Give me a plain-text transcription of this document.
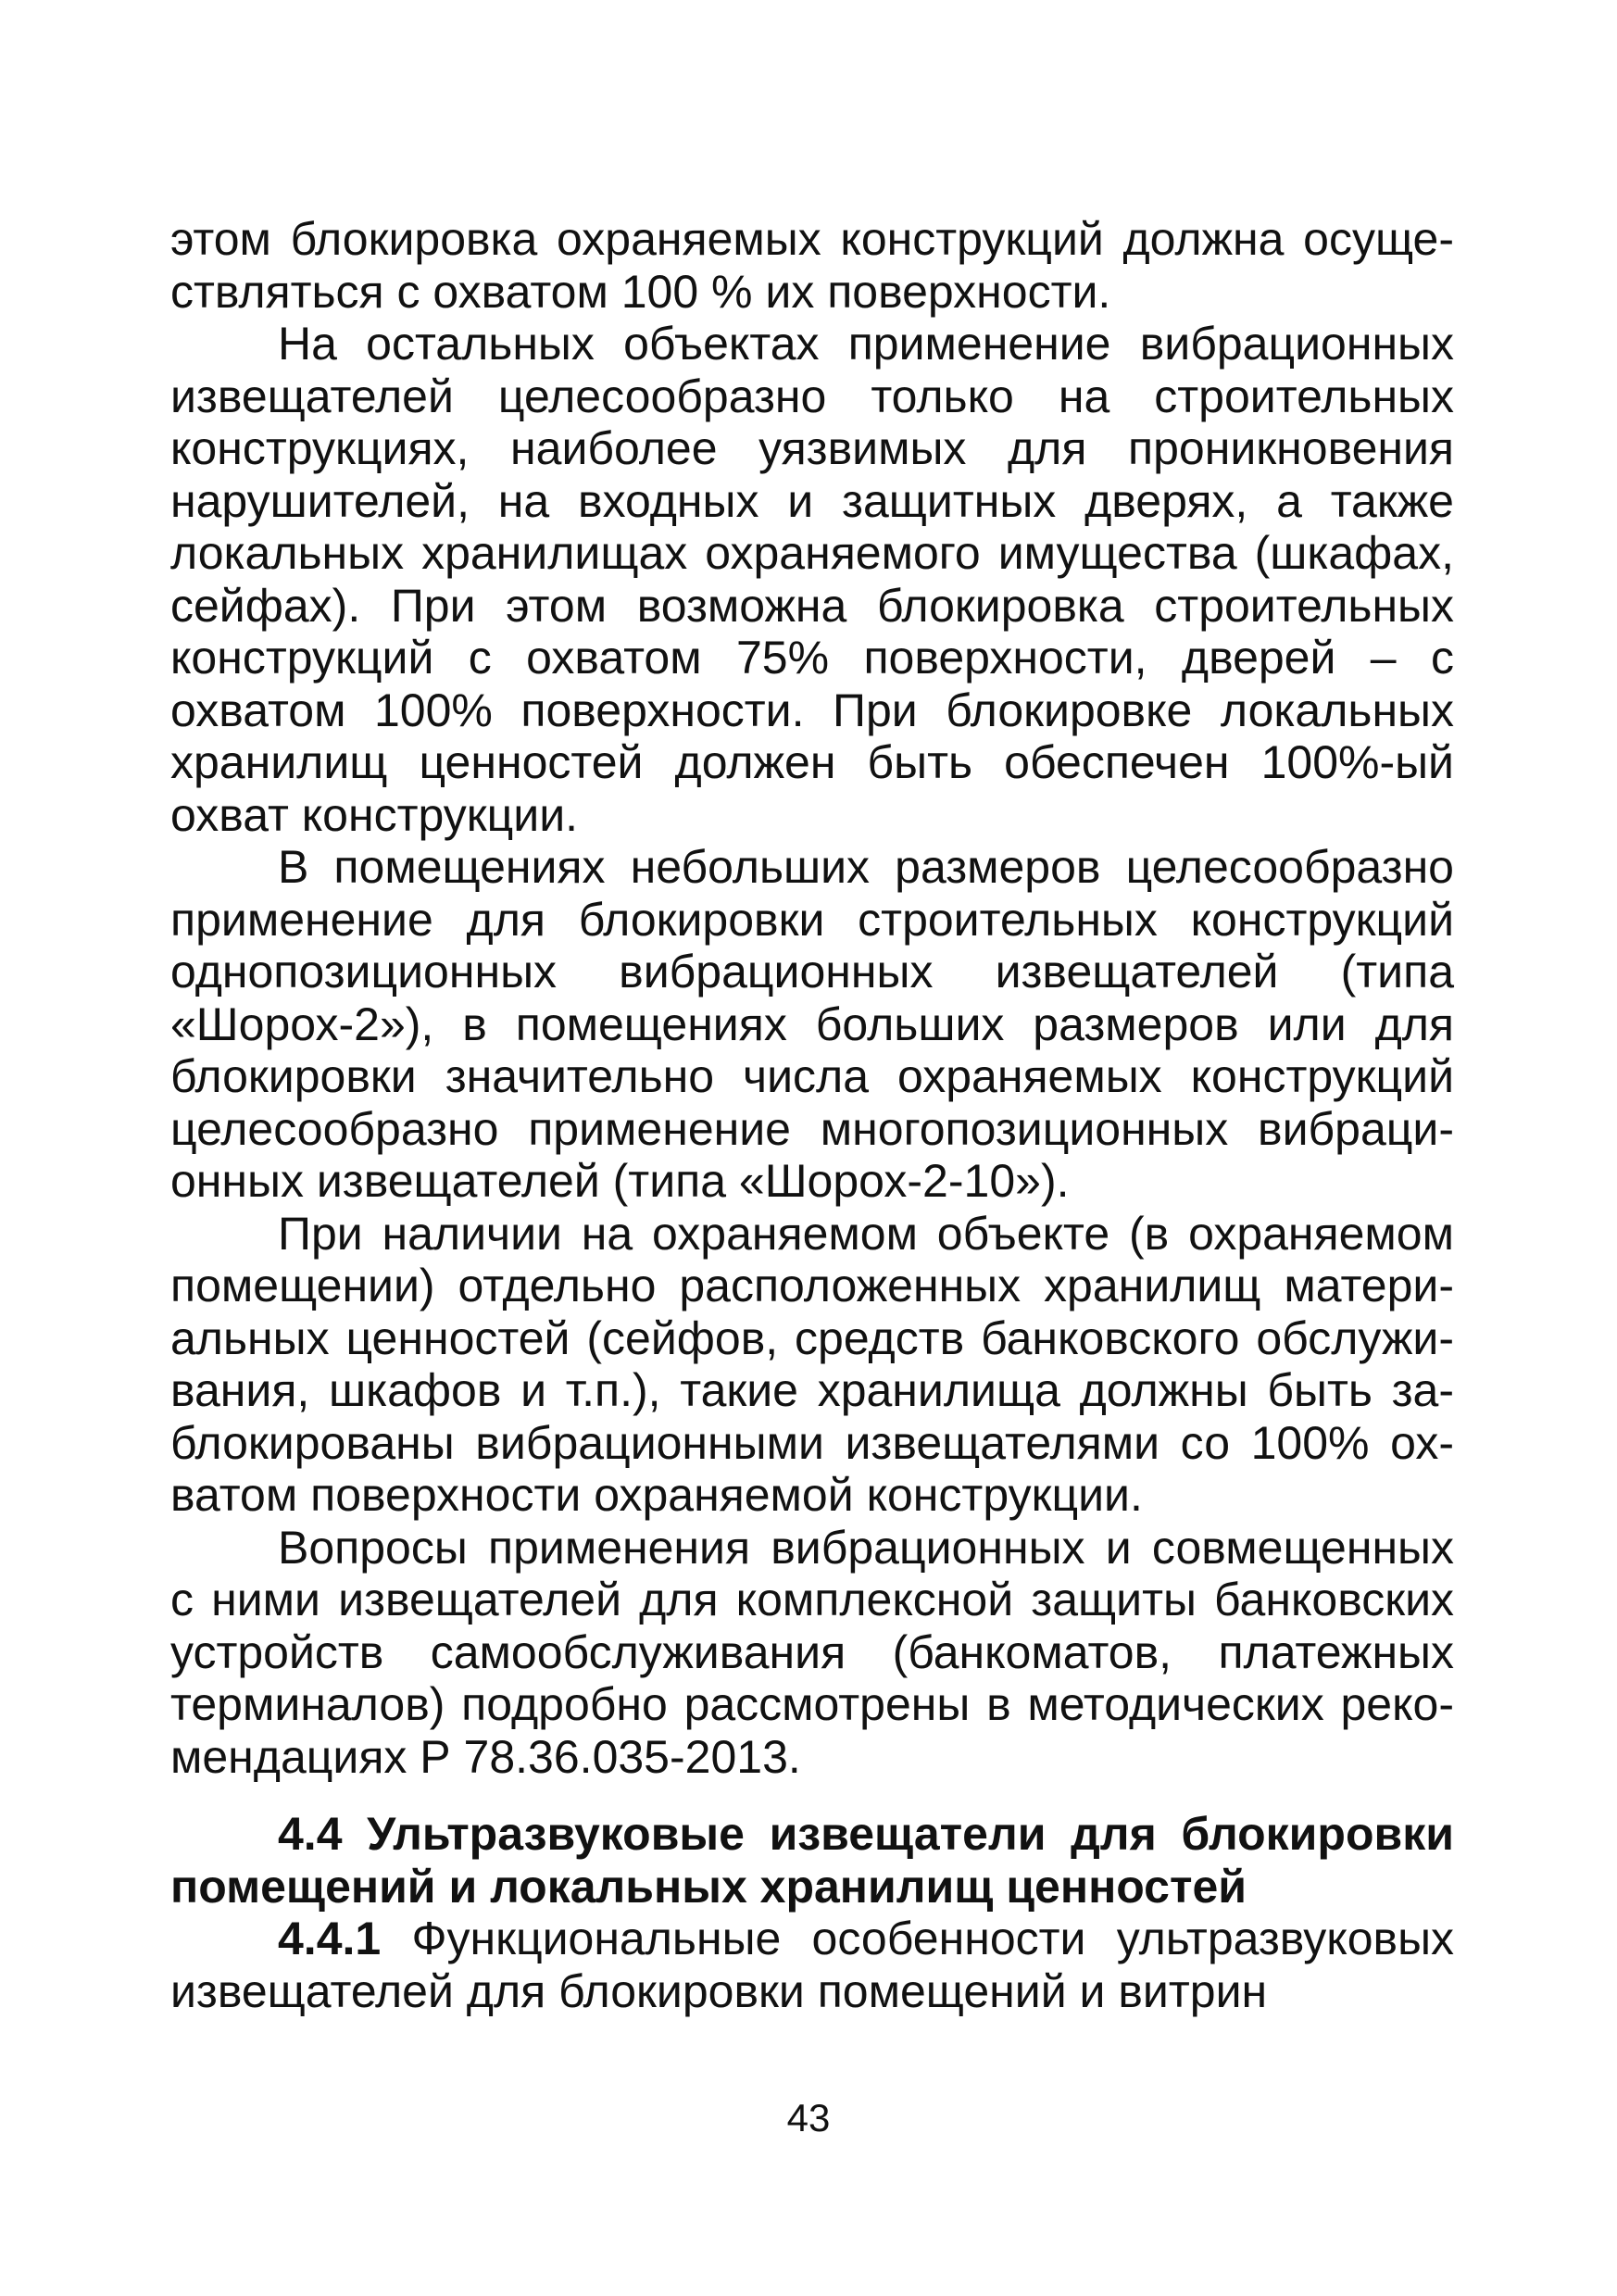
этом блокировка охраняемых конструкций должна осуществляться с охватом 100 % их поверхности.

На остальных объектах применение вибрационных извещателей целесообразно только на строительных конструкциях, наиболее уязвимых для проникновения нарушителей, на входных и защитных дверях, а также локальных хранилищах охраняемого имущества (шкафах, сейфах). При этом возможна блокировка строительных конструкций с охватом 75% поверхности, дверей – с охватом 100% поверхности. При блокировке локальных хранилищ ценностей должен быть обеспечен 100%-ый охват конструкции.

В помещениях небольших размеров целесообразно применение для блокировки строительных конструкций однопозиционных вибрационных извещателей (типа «Шорох-2»), в помещениях больших размеров или для блокировки значительно числа охраняемых конструкций целесообразно применение многопозиционных вибрационных извещателей (типа «Шорох-2-10»).

При наличии на охраняемом объекте (в охраняемом помещении) отдельно расположенных хранилищ материальных ценностей (сейфов, средств банковского обслуживания, шкафов и т.п.), такие хранилища должны быть заблокированы вибрационными извещателями со 100% охватом поверхности охраняемой конструкции.

Вопросы применения вибрационных и совмещенных с ними извещателей для комплексной защиты банковских устройств самообслуживания (банкоматов, платежных терминалов) подробно рассмотрены в методических рекомендациях Р 78.36.035-2013.

4.4 Ультразвуковые извещатели для блокировки помещений и локальных хранилищ ценностей

4.4.1 Функциональные особенности ультразвуковых извещателей для блокировки помещений и витрин

43
